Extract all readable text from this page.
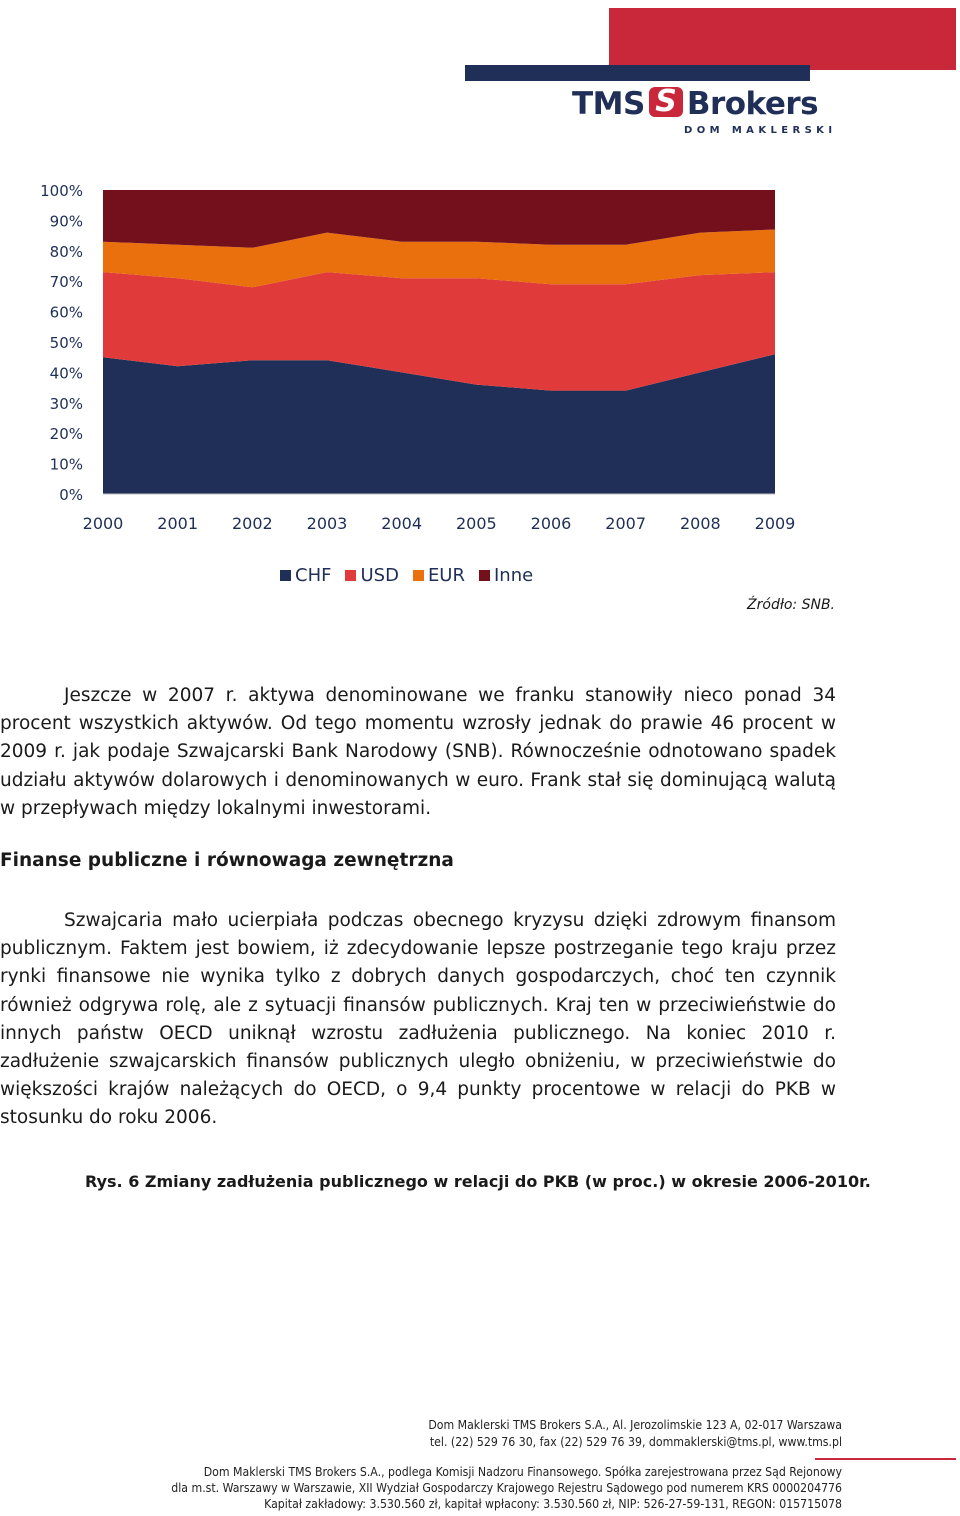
TMS S Brokers
DOM MAKLERSKI
0%
10%
20%
30%
40%
50%
60%
70%
80%
90%
100%
2000 2001 2002 2003 2004 2005 2006 2007 2008 2009
CHF USD EUR Inne
Źródło: SNB.
Jeszcze w 2007 r. aktywa denominowane we franku stanowiły nieco ponad 34 procent wszystkich aktywów. Od tego momentu wzrosły jednak do prawie 46 procent w 2009 r. jak podaje Szwajcarski Bank Narodowy (SNB). Równocześnie odnotowano spadek udziału aktywów dolarowych i denominowanych w euro. Frank stał się dominującą walutą w przepływach między lokalnymi inwestorami.
Finanse publiczne i równowaga zewnętrzna
Szwajcaria mało ucierpiała podczas obecnego kryzysu dzięki zdrowym finansom publicznym. Faktem jest bowiem, iż zdecydowanie lepsze postrzeganie tego kraju przez rynki finansowe nie wynika tylko z dobrych danych gospodarczych, choć ten czynnik również odgrywa rolę, ale z sytuacji finansów publicznych. Kraj ten w przeciwieństwie do innych państw OECD uniknął wzrostu zadłużenia publicznego. Na koniec 2010 r. zadłużenie szwajcarskich finansów publicznych uległo obniżeniu, w przeciwieństwie do większości krajów należących do OECD, o 9,4 punkty procentowe w relacji do PKB w stosunku do roku 2006.
Rys. 6 Zmiany zadłużenia publicznego w relacji do PKB (w proc.) w okresie 2006-2010r.
Dom Maklerski TMS Brokers S.A., Al. Jerozolimskie 123 A, 02-017 Warszawa
tel. (22) 529 76 30, fax (22) 529 76 39, dommaklerski@tms.pl, www.tms.pl
Dom Maklerski TMS Brokers S.A., podlega Komisji Nadzoru Finansowego. Spółka zarejestrowana przez Sąd Rejonowy
dla m.st. Warszawy w Warszawie, XII Wydział Gospodarczy Krajowego Rejestru Sądowego pod numerem KRS 0000204776
Kapitał zakładowy: 3.530.560 zł, kapitał wpłacony: 3.530.560 zł, NIP: 526-27-59-131, REGON: 015715078
